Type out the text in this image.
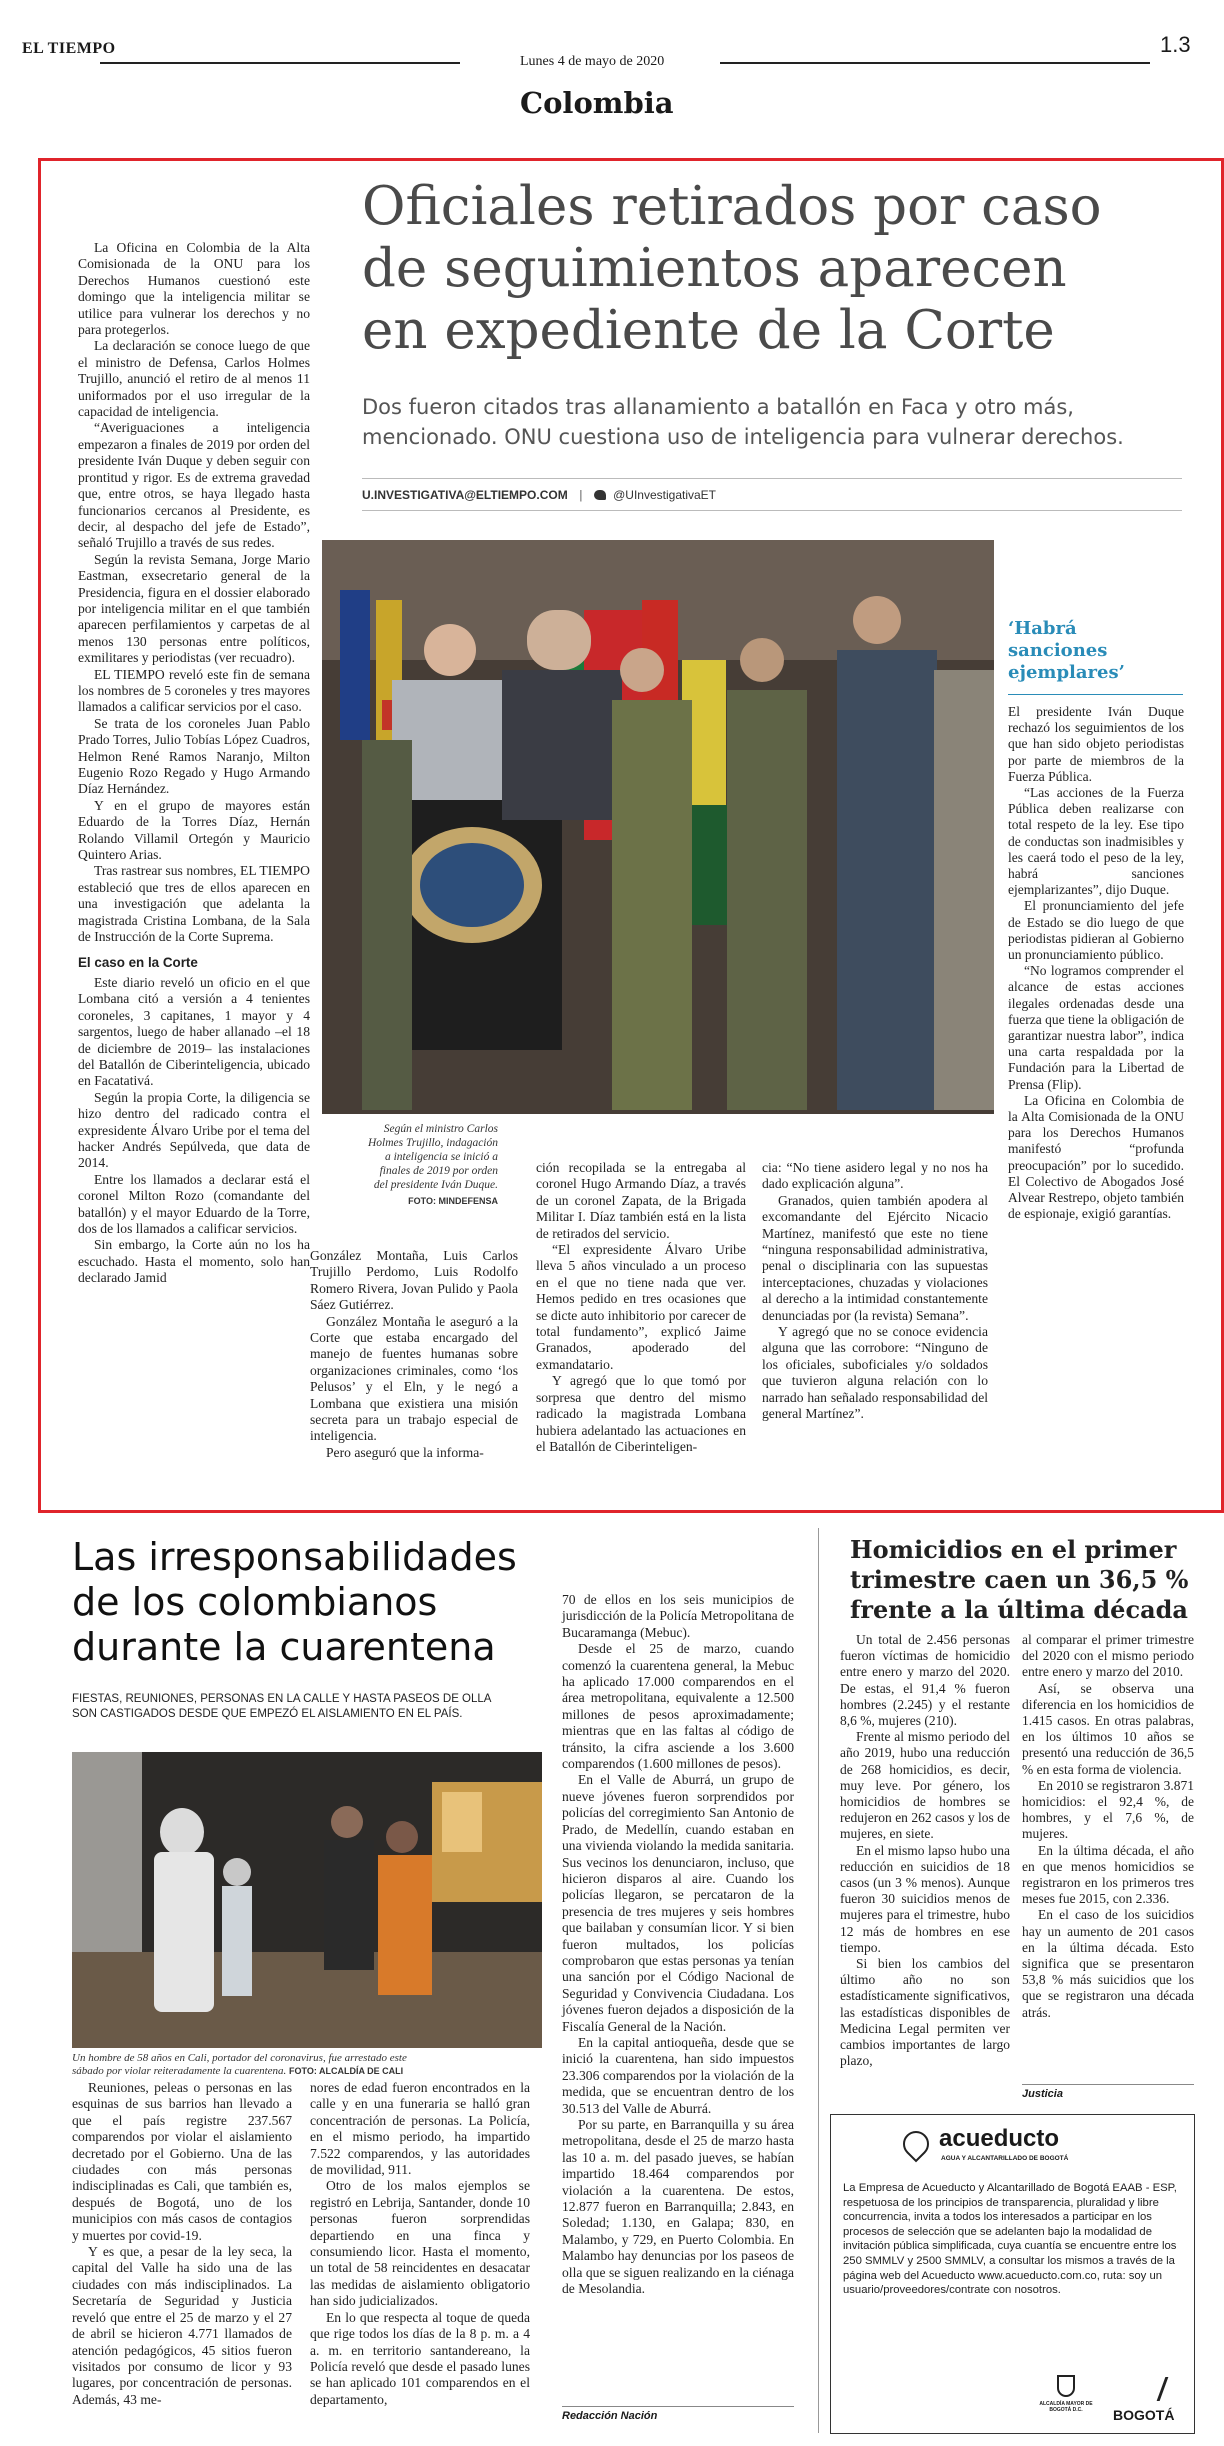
EL TIEMPO
Lunes 4 de mayo de 2020
1.3
Colombia
Oficiales retirados por caso
de seguimientos aparecen
en expediente de la Corte
Dos fueron citados tras allanamiento a batallón en Faca y otro más,
mencionado. ONU cuestiona uso de inteligencia para vulnerar derechos.
U.INVESTIGATIVA@ELTIEMPO.COM |	@UInvestigativaET

La Oficina en Colombia de la Alta Comisionada de la ONU para los Derechos Humanos cuestionó este domingo que la inteligencia militar se utilice para vulnerar los derechos y no para protegerlos.

La declaración se conoce luego de que el ministro de Defensa, Carlos Holmes Trujillo, anunció el retiro de al menos 11 uniformados por el uso irregular de la capacidad de inteligencia.

“Averiguaciones a inteligencia empezaron a finales de 2019 por orden del presidente Iván Duque y deben seguir con prontitud y rigor. Es de extrema gravedad que, entre otros, se haya llegado hasta funcionarios cercanos al Presidente, es decir, al despacho del jefe de Estado”, señaló Trujillo a través de sus redes.

Según la revista Semana, Jorge Mario Eastman, exsecretario general de la Presidencia, figura en el dossier elaborado por inteligencia militar en el que también aparecen perfilamientos y carpetas de al menos 130 personas entre políticos, exmilitares y periodistas (ver recuadro).

EL TIEMPO reveló este fin de semana los nombres de 5 coroneles y tres mayores llamados a calificar servicios por el caso.

Se trata de los coroneles Juan Pablo Prado Torres, Julio Tobías López Cuadros, Helmon René Ramos Naranjo, Milton Eugenio Rozo Regado y Hugo Armando Díaz Hernández.

Y en el grupo de mayores están Eduardo de la Torres Díaz, Hernán Rolando Villamil Ortegón y Mauricio Quintero Arias.

Tras rastrear sus nombres, EL TIEMPO estableció que tres de ellos aparecen en una investigación que adelanta la magistrada Cristina Lombana, de la Sala de Instrucción de la Corte Suprema.

El caso en la Corte

Este diario reveló un oficio en el que Lombana citó a versión a 4 tenientes coroneles, 3 capitanes, 1 mayor y 4 sargentos, luego de haber allanado –el 18 de diciembre de 2019– las instalaciones del Batallón de Ciberinteligencia, ubicado en Facatativá.

Según la propia Corte, la diligencia se hizo dentro del radicado contra el expresidente Álvaro Uribe por el tema del hacker Andrés Sepúlveda, que data de 2014.

Entre los llamados a declarar está el coronel Milton Rozo (comandante del batallón) y el mayor Eduardo de la Torre, dos de los llamados a calificar servicios.

Sin embargo, la Corte aún no los ha escuchado. Hasta el momento, solo han declarado Jamid

Según el ministro Carlos
Holmes Trujillo, indagación
a inteligencia se inició a
finales de 2019 por orden
del presidente Iván Duque.
FOTO: MINDEFENSA
‘Habrá
sanciones
ejemplares’

El presidente Iván Duque rechazó los seguimientos de los que han sido objeto periodistas por parte de miembros de la Fuerza Pública.

“Las acciones de la Fuerza Pública deben realizarse con total respeto de la ley. Ese tipo de conductas son inadmisibles y les caerá todo el peso de la ley, habrá sanciones ejemplarizantes”, dijo Duque.

El pronunciamiento del jefe de Estado se dio luego de que periodistas pidieran al Gobierno un pronunciamiento público.

“No logramos comprender el alcance de estas acciones ilegales ordenadas desde una fuerza que tiene la obligación de garantizar nuestra labor”, indica una carta respaldada por la Fundación para la Libertad de Prensa (Flip).

La Oficina en Colombia de la Alta Comisionada de la ONU para los Derechos Humanos manifestó “profunda preocupación” por lo sucedido. El Colectivo de Abogados José Alvear Restrepo, objeto también de espionaje, exigió garantías.

González Montaña, Luis Carlos Trujillo Perdomo, Luis Rodolfo Romero Rivera, Jovan Pulido y Paola Sáez Gutiérrez.

González Montaña le aseguró a la Corte que estaba encargado del manejo de fuentes humanas sobre organizaciones criminales, como ‘los Pelusos’ y el Eln, y le negó a Lombana que existiera una misión secreta para un trabajo especial de inteligencia.

Pero aseguró que la informa-

ción recopilada se la entregaba al coronel Hugo Armando Díaz, a través de un coronel Zapata, de la Brigada Militar I. Díaz también está en la lista de retirados del servicio.

“El expresidente Álvaro Uribe lleva 5 años vinculado a un proceso en el que no tiene nada que ver. Hemos pedido en tres ocasiones que se dicte auto inhibitorio por carecer de total fundamento”, explicó Jaime Granados, apoderado del exmandatario.

Y agregó que lo que tomó por sorpresa que dentro del mismo radicado la magistrada Lombana hubiera adelantado las actuaciones en el Batallón de Ciberinteligen-

cia: “No tiene asidero legal y no nos ha dado explicación alguna”.

Granados, quien también apodera al excomandante del Ejército Nicacio Martínez, manifestó que este no tiene “ninguna responsabilidad administrativa, penal o disciplinaria con las supuestas interceptaciones, chuzadas y violaciones al derecho a la intimidad constantemente denunciadas por (la revista) Semana”.

Y agregó que no se conoce evidencia alguna que las corrobore: “Ninguno de los oficiales, suboficiales y/o soldados que tuvieron alguna relación con lo narrado han señalado responsabilidad del general Martínez”.

Las irresponsabilidades
de los colombianos
durante la cuarentena
FIESTAS, REUNIONES, PERSONAS EN LA CALLE Y HASTA PASEOS DE OLLA
SON CASTIGADOS DESDE QUE EMPEZÓ EL AISLAMIENTO EN EL PAÍS.
Un hombre de 58 años en Cali, portador del coronavirus, fue arrestado este
sábado por violar reiteradamente la cuarentena. FOTO: ALCALDÍA DE CALI

Reuniones, peleas o personas en las esquinas de sus barrios han llevado a que el país registre 237.567 comparendos por violar el aislamiento decretado por el Gobierno. Una de las ciudades con más personas indisciplinadas es Cali, que también es, después de Bogotá, uno de los municipios con más casos de contagios y muertes por covid-19.

Y es que, a pesar de la ley seca, la capital del Valle ha sido una de las ciudades con más indisciplinados. La Secretaría de Seguridad y Justicia reveló que entre el 25 de marzo y el 27 de abril se hicieron 4.771 llamados de atención pedagógicos, 45 sitios fueron visitados por consumo de licor y 93 lugares, por concentración de personas. Además, 43 me-

nores de edad fueron encontrados en la calle y en una funeraria se halló gran concentración de personas. La Policía, en el mismo periodo, ha impartido 7.522 comparendos, y las autoridades de movilidad, 911.

Otro de los malos ejemplos se registró en Lebrija, Santander, donde 10 personas fueron sorprendidas departiendo en una finca y consumiendo licor. Hasta el momento, un total de 58 reincidentes en desacatar las medidas de aislamiento obligatorio han sido judicializados.

En lo que respecta al toque de queda que rige todos los días de la 8 p. m. a 4 a. m. en territorio santandereano, la Policía reveló que desde el pasado lunes se han aplicado 101 comparendos en el departamento,

70 de ellos en los seis municipios de jurisdicción de la Policía Metropolitana de Bucaramanga (Mebuc).

Desde el 25 de marzo, cuando comenzó la cuarentena general, la Mebuc ha aplicado 17.000 comparendos en el área metropolitana, equivalente a 12.500 millones de pesos aproximadamente; mientras que en las faltas al código de tránsito, la cifra asciende a los 3.600 comparendos (1.600 millones de pesos).

En el Valle de Aburrá, un grupo de nueve jóvenes fueron sorprendidos por policías del corregimiento San Antonio de Prado, de Medellín, cuando estaban en una vivienda violando la medida sanitaria. Sus vecinos los denunciaron, incluso, que hicieron disparos al aire. Cuando los policías llegaron, se percataron de la presencia de tres mujeres y seis hombres que bailaban y consumían licor. Y si bien fueron multados, los policías comprobaron que estas personas ya tenían una sanción por el Código Nacional de Seguridad y Convivencia Ciudadana. Los jóvenes fueron dejados a disposición de la Fiscalía General de la Nación.

En la capital antioqueña, desde que se inició la cuarentena, han sido impuestos 23.306 comparendos por la violación de la medida, que se encuentran dentro de los 30.513 del Valle de Aburrá.

Por su parte, en Barranquilla y su área metropolitana, desde el 25 de marzo hasta las 10 a. m. del pasado jueves, se habían impartido 18.464 comparendos por violación a la cuarentena. De estos, 12.877 fueron en Barranquilla; 2.843, en Soledad; 1.130, en Galapa; 830, en Malambo, y 729, en Puerto Colombia. En Malambo hay denuncias por los paseos de olla que se siguen realizando en la ciénaga de Mesolandia.

Redacción Nación
Homicidios en el primer
trimestre caen un 36,5 %
frente a la última década

Un total de 2.456 personas fueron víctimas de homicidio entre enero y marzo del 2020. De estas, el 91,4 % fueron hombres (2.245) y el restante 8,6 %, mujeres (210).

Frente al mismo periodo del año 2019, hubo una reducción de 268 homicidios, es decir, muy leve. Por género, los homicidios de hombres se redujeron en 262 casos y los de mujeres, en siete.

En el mismo lapso hubo una reducción en suicidios de 18 casos (un 3 % menos). Aunque fueron 30 suicidios menos de mujeres para el trimestre, hubo 12 más de hombres en ese tiempo.

Si bien los cambios del último año no son estadísticamente significativos, las estadísticas disponibles de Medicina Legal permiten ver cambios importantes de largo plazo,

al comparar el primer trimestre del 2020 con el mismo periodo entre enero y marzo del 2010.

Así, se observa una diferencia en los homicidios de 1.415 casos. En otras palabras, en los últimos 10 años se presentó una reducción de 36,5 % en esta forma de violencia.

En 2010 se registraron 3.871 homicidios: el 92,4 %, de hombres, y el 7,6 %, de mujeres.

En la última década, el año en que menos homicidios se registraron en los primeros tres meses fue 2015, con 2.336.

En el caso de los suicidios hay un aumento de 201 casos en la última década. Esto significa que se presentaron 53,8 % más suicidios que los que se registraron una década atrás.

Justicia
acueducto
AGUA Y ALCANTARILLADO DE BOGOTÁ
La Empresa de Acueducto y Alcantarillado de Bogotá EAAB - ESP, respetuosa de los principios de transparencia, pluralidad y libre concurrencia, invita a todos los interesados a participar en los procesos de selección que se adelanten bajo la modalidad de invitación pública simplificada, cuya cuantía se encuentre entre los 250 SMMLV y 2500 SMMLV, a consultar los mismos a través de la página web del Acueducto www.acueducto.com.co, ruta: soy un usuario/proveedores/contrate con nosotros.
ALCALDÍA MAYOR DE BOGOTÁ D.C.	BOGOTÁ
